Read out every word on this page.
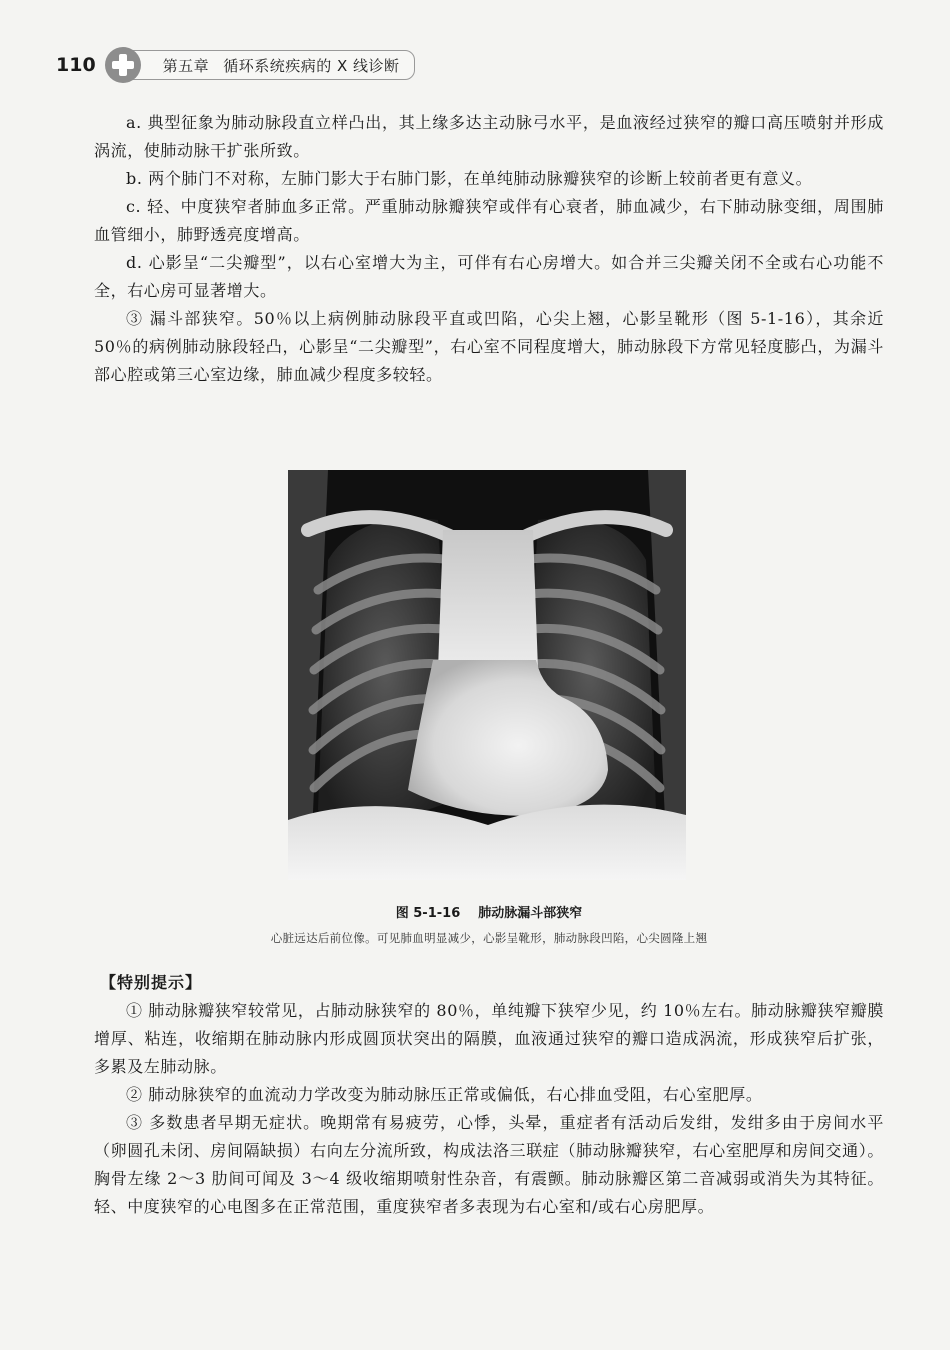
110	第五章 循环系统疾病的 X 线诊断

a. 典型征象为肺动脉段直立样凸出，其上缘多达主动脉弓水平，是血液经过狭窄的瓣口高压喷射并形成涡流，使肺动脉干扩张所致。

b. 两个肺门不对称，左肺门影大于右肺门影，在单纯肺动脉瓣狭窄的诊断上较前者更有意义。

c. 轻、中度狭窄者肺血多正常。严重肺动脉瓣狭窄或伴有心衰者，肺血减少，右下肺动脉变细，周围肺血管细小，肺野透亮度增高。

d. 心影呈“二尖瓣型”，以右心室增大为主，可伴有右心房增大。如合并三尖瓣关闭不全或右心功能不全，右心房可显著增大。

③ 漏斗部狭窄。50％以上病例肺动脉段平直或凹陷，心尖上翘，心影呈靴形（图 5-1-16），其余近 50％的病例肺动脉段轻凸，心影呈“二尖瓣型”，右心室不同程度增大，肺动脉段下方常见轻度膨凸，为漏斗部心腔或第三心室边缘，肺血减少程度多较轻。

图 5-1-16 肺动脉漏斗部狭窄
心脏远达后前位像。可见肺血明显减少，心影呈靴形，肺动脉段凹陷，心尖圆隆上翘
【特别提示】

① 肺动脉瓣狭窄较常见，占肺动脉狭窄的 80％，单纯瓣下狭窄少见，约 10％左右。肺动脉瓣狭窄瓣膜增厚、粘连，收缩期在肺动脉内形成圆顶状突出的隔膜，血液通过狭窄的瓣口造成涡流，形成狭窄后扩张，多累及左肺动脉。

② 肺动脉狭窄的血流动力学改变为肺动脉压正常或偏低，右心排血受阻，右心室肥厚。

③ 多数患者早期无症状。晚期常有易疲劳，心悸，头晕，重症者有活动后发绀，发绀多由于房间水平（卵圆孔未闭、房间隔缺损）右向左分流所致，构成法洛三联症（肺动脉瓣狭窄，右心室肥厚和房间交通）。胸骨左缘 2～3 肋间可闻及 3～4 级收缩期喷射性杂音，有震颤。肺动脉瓣区第二音减弱或消失为其特征。轻、中度狭窄的心电图多在正常范围，重度狭窄者多表现为右心室和/或右心房肥厚。
